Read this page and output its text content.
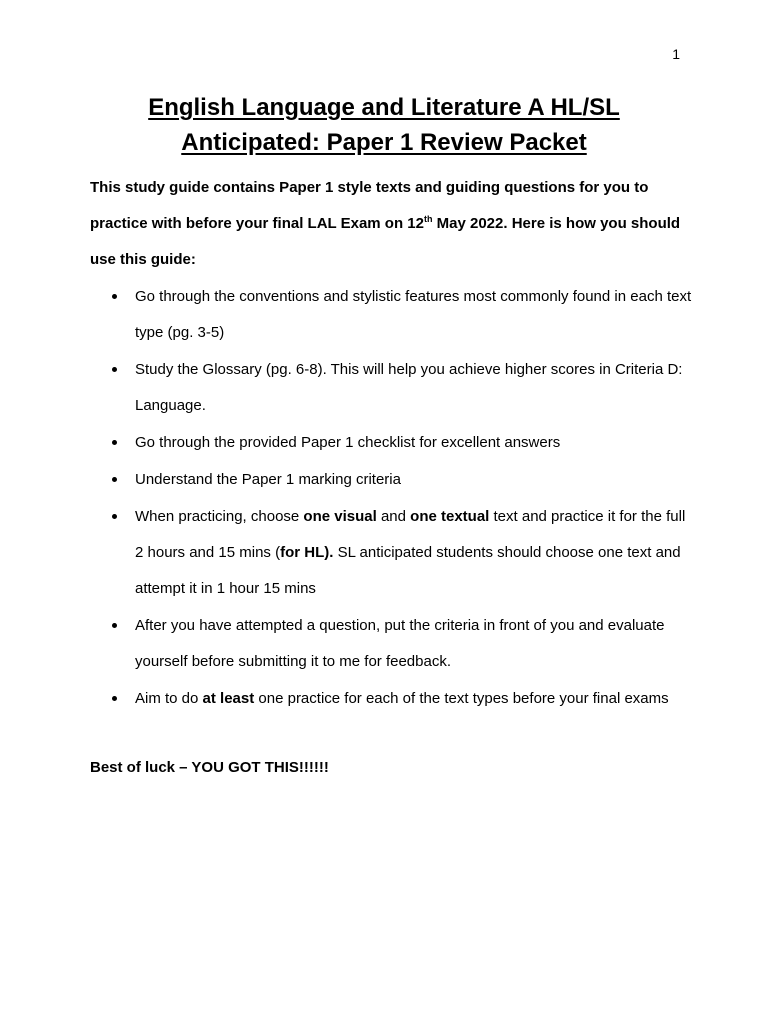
1
English Language and Literature A HL/SL
Anticipated: Paper 1 Review Packet

This study guide contains Paper 1 style texts and guiding questions for you to practice with before your final LAL Exam on 12th May 2022. Here is how you should use this guide:

Go through the conventions and stylistic features most commonly found in each text type (pg. 3-5)
Study the Glossary (pg. 6-8). This will help you achieve higher scores in Criteria D: Language.
Go through the provided Paper 1 checklist for excellent answers
Understand the Paper 1 marking criteria
When practicing, choose one visual and one textual text and practice it for the full 2 hours and 15 mins (for HL). SL anticipated students should choose one text and attempt it in 1 hour 15 mins
After you have attempted a question, put the criteria in front of you and evaluate yourself before submitting it to me for feedback.
Aim to do at least one practice for each of the text types before your final exams

Best of luck – YOU GOT THIS!!!!!!
